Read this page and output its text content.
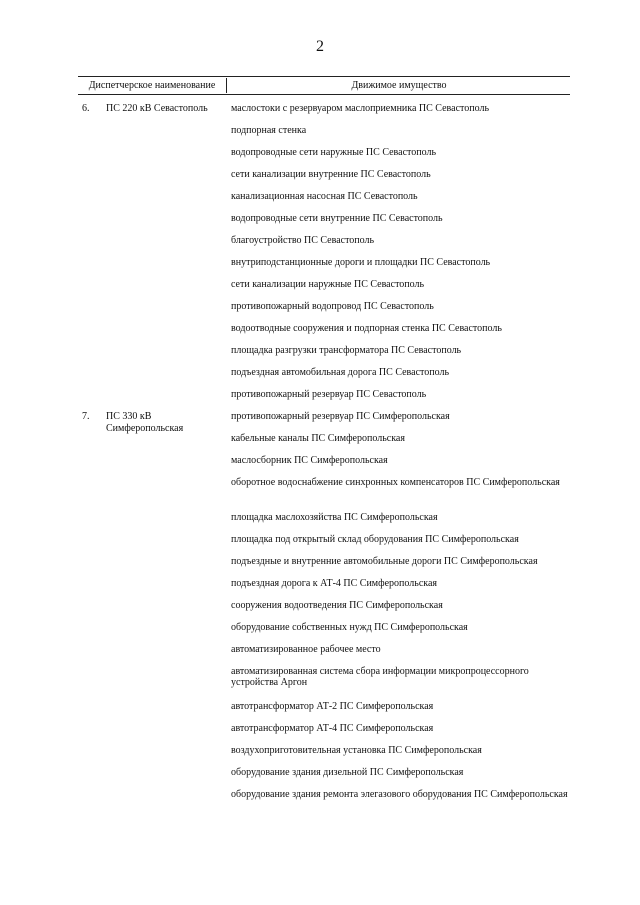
2
Диспетчерское наименование	Движимое имущество
6. ПС 220 кВ Севастополь	маслостоки с резервуаром маслоприемника ПС Севастополь
подпорная стенка
водопроводные сети наружные ПС Севастополь
сети канализации внутренние ПС Севастополь
канализационная насосная ПС Севастополь
водопроводные сети внутренние ПС Севастополь
благоустройство ПС Севастополь
внутриподстанционные дороги и площадки ПС Севастополь
сети канализации наружные ПС Севастополь
противопожарный водопровод ПС Севастополь
водоотводные сооружения и подпорная стенка ПС Севастополь
площадка разгрузки трансформатора ПС Севастополь
подъездная автомобильная дорога ПС Севастополь
противопожарный резервуар ПС Севастополь
7. ПС 330 кВ Симферопольская
противопожарный резервуар ПС Симферопольская
кабельные каналы ПС Симферопольская
маслосборник ПС Симферопольская
оборотное водоснабжение синхронных компенсаторов ПС Симферопольская
площадка маслохозяйства ПС Симферопольская
площадка под открытый склад оборудования ПС Симферопольская
подъездные и внутренние автомобильные дороги ПС Симферопольская
подъездная дорога к АТ-4 ПС Симферопольская
сооружения водоотведения ПС Симферопольская
оборудование собственных нужд ПС Симферопольская
автоматизированное рабочее место
автоматизированная система сбора информации микропроцессорного устройства Аргон
автотрансформатор АТ-2 ПС Симферопольская
автотрансформатор АТ-4 ПС Симферопольская
воздухоприготовительная установка ПС Симферопольская
оборудование здания дизельной ПС Симферопольская
оборудование здания ремонта элегазового оборудования ПС Симферопольская
